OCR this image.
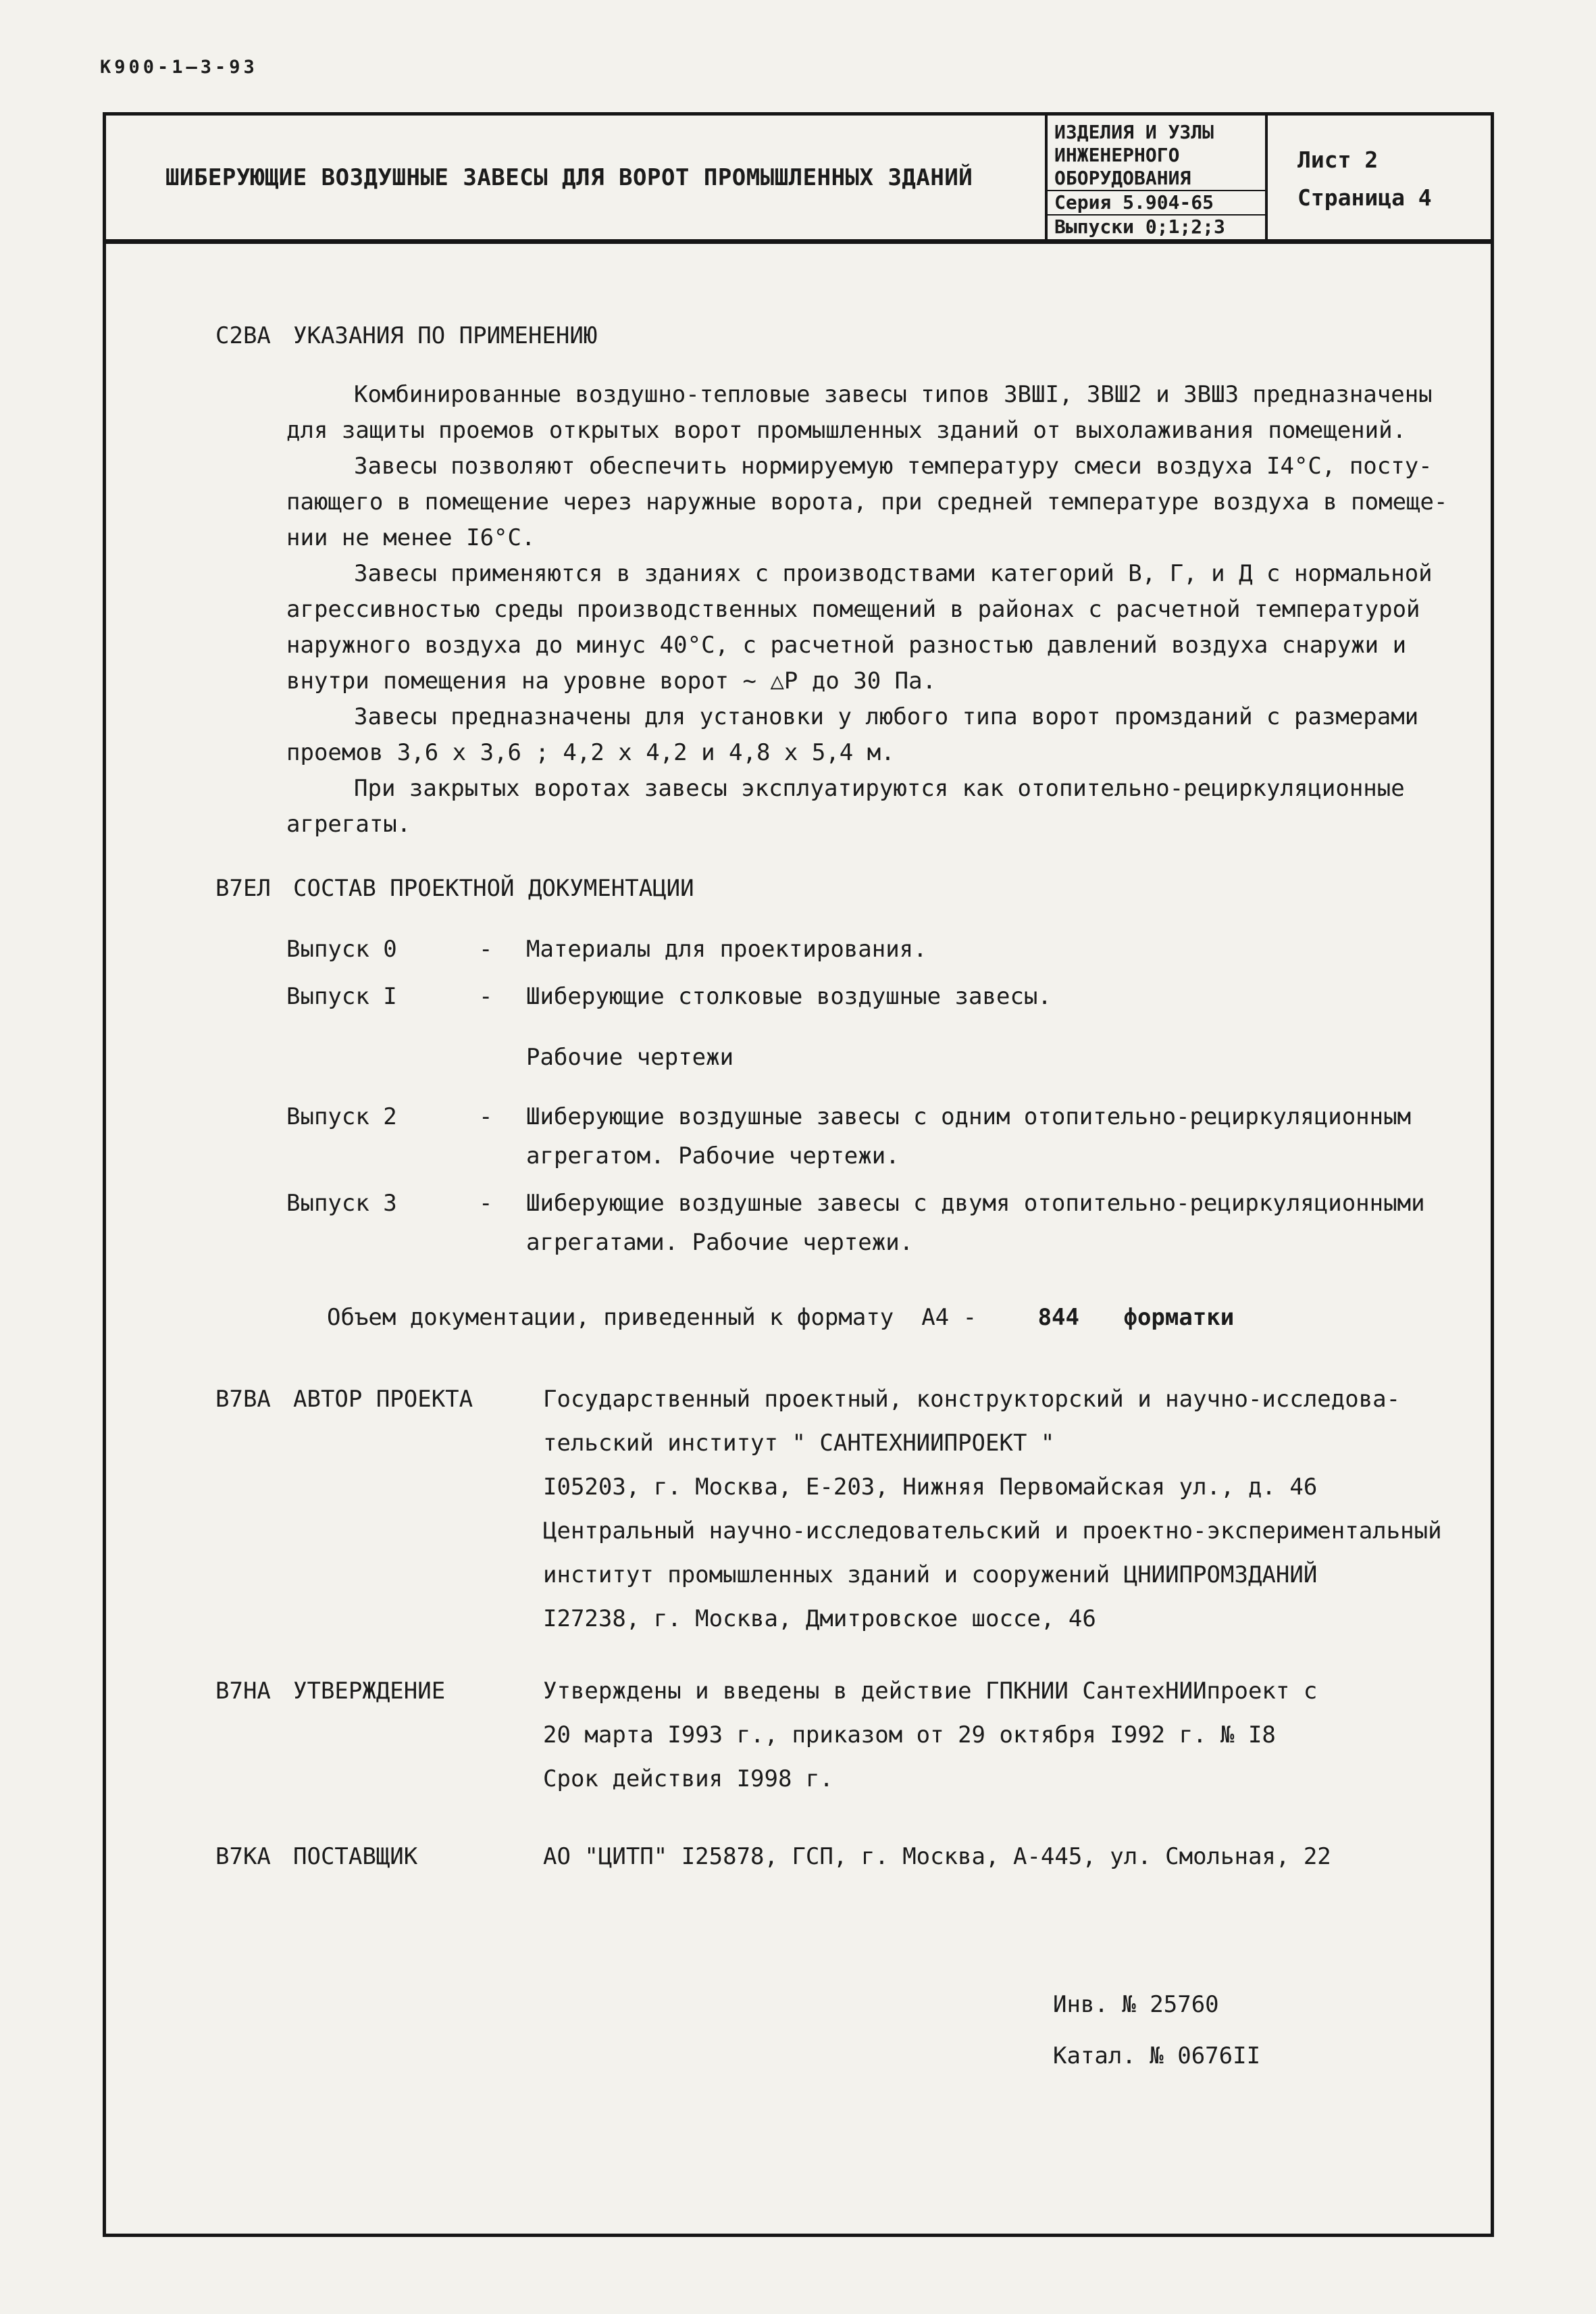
К900-1—3-93
ШИБЕРУЮЩИЕ ВОЗДУШНЫЕ ЗАВЕСЫ ДЛЯ ВОРОТ ПРОМЫШЛЕННЫХ ЗДАНИЙ
ИЗДЕЛИЯ И УЗЛЫ
ИНЖЕНЕРНОГО
ОБОРУДОВАНИЯ
Серия 5.904-65
Выпуски 0;1;2;3
Лист 2
Страница 4
С2ВА УКАЗАНИЯ ПО ПРИМЕНЕНИЮ
Комбинированные воздушно-тепловые завесы типов ЗВШI, ЗВШ2 и ЗВШ3 предназначены
для защиты проемов открытых ворот промышленных зданий от выхолаживания помещений.
Завесы позволяют обеспечить нормируемую температуру смеси воздуха I4°С, посту-
пающего в помещение через наружные ворота, при средней температуре воздуха в помеще-
нии не менее I6°С.
Завесы применяются в зданиях с производствами категорий В, Г, и Д с нормальной
агрессивностью среды производственных помещений в районах с расчетной температурой
наружного воздуха до минус 40°С, с расчетной разностью давлений воздуха снаружи и
внутри помещения на уровне ворот ~ △Р до 30 Па.
Завесы предназначены для установки у любого типа ворот промзданий с размерами
проемов 3,6 х 3,6 ; 4,2 х 4,2 и 4,8 х 5,4 м.
При закрытых воротах завесы эксплуатируются как отопительно-рециркуляционные
агрегаты.
В7ЕЛ СОСТАВ ПРОЕКТНОЙ ДОКУМЕНТАЦИИ
Выпуск 0	-	Материалы для проектирования.
Выпуск I	-	Шиберующие столковые воздушные завесы.
Рабочие чертежи
Выпуск 2	-	Шиберующие воздушные завесы с одним отопительно-рециркуляционным
агрегатом. Рабочие чертежи.
Выпуск 3	-	Шиберующие воздушные завесы с двумя отопительно-рециркуляционными
агрегатами. Рабочие чертежи.
Объем документации, приведенный к формату  А4 -	844 форматки
В7ВА АВТОР ПРОЕКТА	Государственный проектный, конструкторский и научно-исследова-
тельский институт " САНТЕХНИИПРОЕКТ "
I05203, г. Москва, Е-203, Нижняя Первомайская ул., д. 46
Центральный научно-исследовательский и проектно-экспериментальный
институт промышленных зданий и сооружений ЦНИИПРОМЗДАНИЙ
I27238, г. Москва, Дмитровское шоссе, 46
В7НА УТВЕРЖДЕНИЕ	Утверждены и введены в действие ГПКНИИ СантехНИИпроект с
20 марта I993 г., приказом от 29 октября I992 г. № I8
Срок действия I998 г.
В7КА ПОСТАВЩИК	АО "ЦИТП" I25878, ГСП, г. Москва, А-445, ул. Смольная, 22
Инв. № 25760
Катал. № 0676II
